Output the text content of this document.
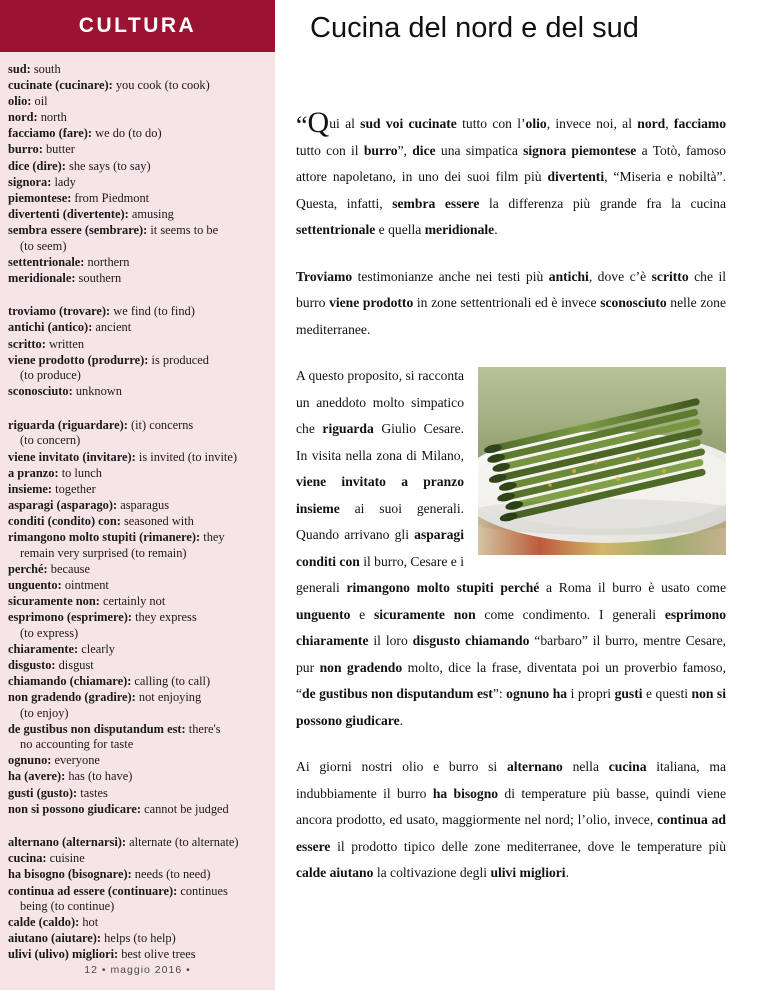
CULTURA

sud: south

cucinate (cucinare): you cook (to cook)

olio: oil

nord: north

facciamo (fare): we do (to do)

burro: butter

dice (dire): she says (to say)

signora: lady

piemontese: from Piedmont

divertenti (divertente): amusing

sembra essere (sembrare): it seems to be
(to seem)

settentrionale: northern

meridionale: southern

troviamo (trovare): we find (to find)

antichi (antico): ancient

scritto: written

viene prodotto (produrre): is produced
(to produce)

sconosciuto: unknown

riguarda (riguardare): (it) concerns
(to concern)

viene invitato (invitare): is invited (to invite)

a pranzo: to lunch

insieme: together

asparagi (asparago): asparagus

conditi (condito) con: seasoned with

rimangono molto stupiti (rimanere): they
remain very surprised (to remain)

perché: because

unguento: ointment

sicuramente non: certainly not

esprimono (esprimere): they express
(to express)

chiaramente: clearly

disgusto: disgust

chiamando (chiamare): calling (to call)

non gradendo (gradire): not enjoying
(to enjoy)

de gustibus non disputandum est: there's
no accounting for taste

ognuno: everyone

ha (avere): has (to have)

gusti (gusto): tastes

non si possono giudicare: cannot be judged

alternano (alternarsi): alternate (to alternate)

cucina: cuisine

ha bisogno (bisognare): needs (to need)

continua ad essere (continuare): continues
being (to continue)

calde (caldo): hot

aiutano (aiutare): helps (to help)

ulivi (ulivo) migliori: best olive trees

12 • maggio 2016 •
Cucina del nord e del sud

“Qui al sud voi cucinate tutto con l’olio, invece noi, al nord, facciamo tutto con il burro”, dice una simpatica signora piemontese a Totò, famoso attore napoletano, in uno dei suoi film più divertenti, “Miseria e nobiltà”. Questa, infatti, sembra essere la differenza più grande fra la cucina settentrionale e quella meridionale.

Troviamo testimonianze anche nei testi più antichi, dove c’è scritto che il burro viene prodotto in zone settentrionali ed è invece sconosciuto nelle zone mediterranee.

A questo proposito, si racconta un aneddoto molto simpatico che riguarda Giulio Cesare. In visita nella zona di Milano, viene invitato a pranzo insieme ai suoi generali. Quando arrivano gli asparagi conditi con il burro, Cesare e i generali rimangono molto stupiti perché a Roma il burro è usato come unguento e sicuramente non come condimento. I generali esprimono chiaramente il loro disgusto chiamando “barbaro” il burro, mentre Cesare, pur non gradendo molto, dice la frase, diventata poi un proverbio famoso, “de gustibus non disputandum est”: ognuno ha i propri gusti e questi non si possono giudicare.

Ai giorni nostri olio e burro si alternano nella cucina italiana, ma indubbiamente il burro ha bisogno di temperature più basse, quindi viene ancora prodotto, ed usato, maggiormente nel nord; l’olio, invece, continua ad essere il prodotto tipico delle zone mediterranee, dove le temperature più calde aiutano la coltivazione degli ulivi migliori.
